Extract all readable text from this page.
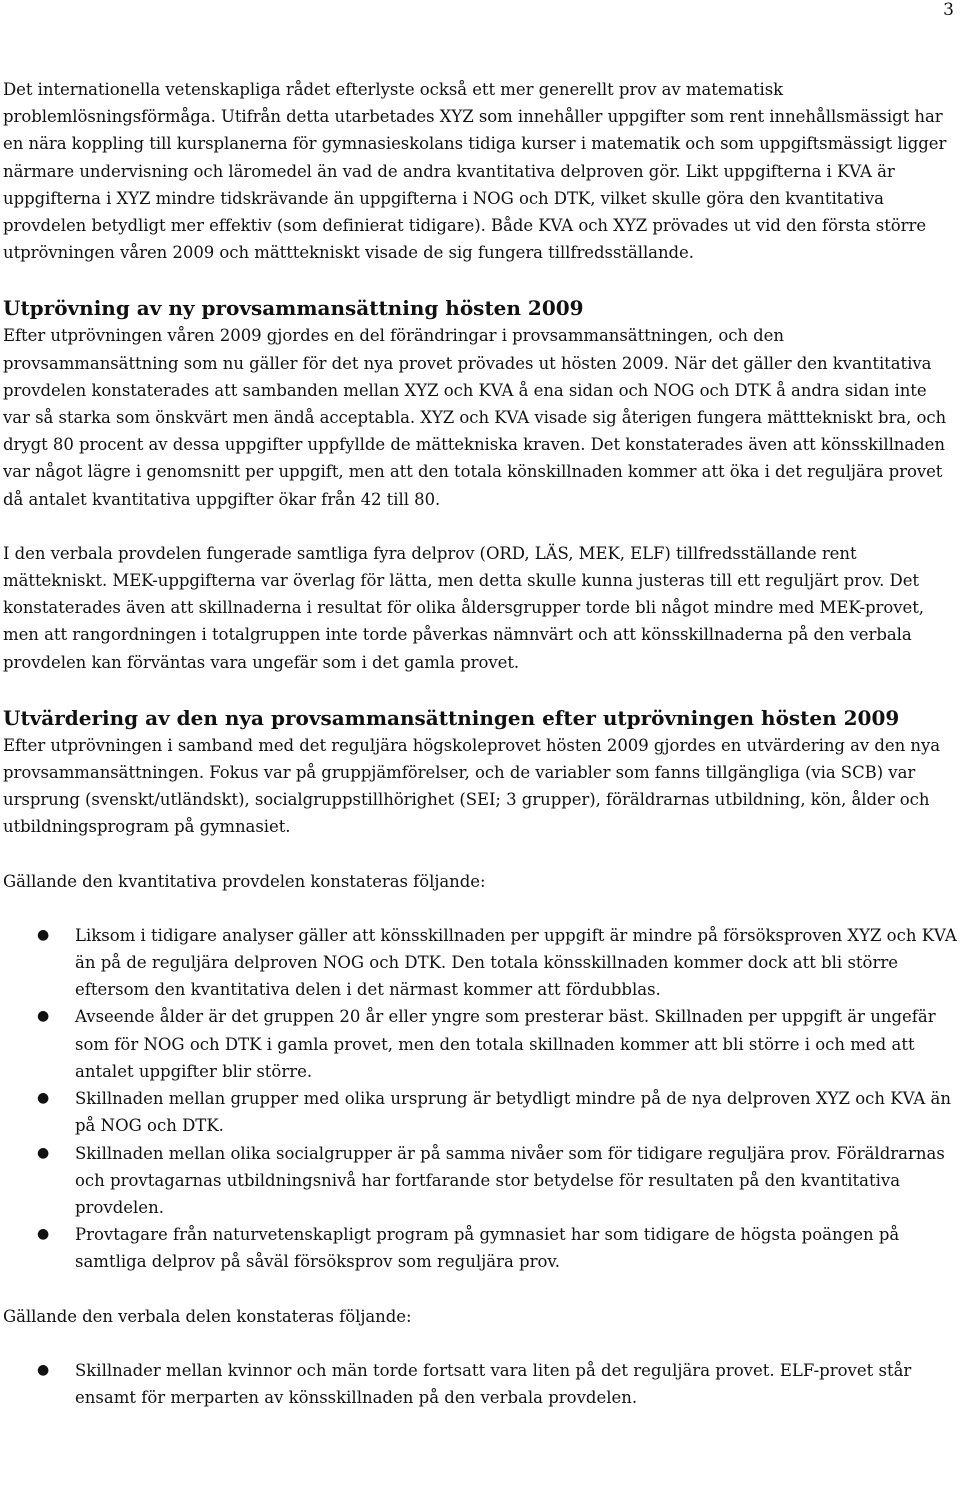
3

Det internationella vetenskapliga rådet efterlyste också ett mer generellt prov av matematisk problemlösningsförmåga. Utifrån detta utarbetades XYZ som innehåller uppgifter som rent innehållsmässigt har en nära koppling till kursplanerna för gymnasieskolans tidiga kurser i matematik och som uppgiftsmässigt ligger närmare undervisning och läromedel än vad de andra kvantitativa delproven gör. Likt uppgifterna i KVA är uppgifterna i XYZ mindre tidskrävande än uppgifterna i NOG och DTK, vilket skulle göra den kvantitativa provdelen betydligt mer effektiv (som definierat tidigare). Både KVA och XYZ prövades ut vid den första större utprövningen våren 2009 och mätttekniskt visade de sig fungera tillfredsställande.

Utprövning av ny provsammansättning hösten 2009

Efter utprövningen våren 2009 gjordes en del förändringar i provsammansättningen, och den provsammansättning som nu gäller för det nya provet prövades ut hösten 2009. När det gäller den kvantitativa provdelen konstaterades att sambanden mellan XYZ och KVA å ena sidan och NOG och DTK å andra sidan inte var så starka som önskvärt men ändå acceptabla. XYZ och KVA visade sig återigen fungera mätttekniskt bra, och drygt 80 procent av dessa uppgifter uppfyllde de mättekniska kraven. Det konstaterades även att könsskillnaden var något lägre i genomsnitt per uppgift, men att den totala könskillnaden kommer att öka i det reguljära provet då antalet kvantitativa uppgifter ökar från 42 till 80.

I den verbala provdelen fungerade samtliga fyra delprov (ORD, LÄS, MEK, ELF) tillfredsställande rent mättekniskt. MEK-uppgifterna var överlag för lätta, men detta skulle kunna justeras till ett reguljärt prov. Det konstaterades även att skillnaderna i resultat för olika åldersgrupper torde bli något mindre med MEK-provet, men att rangordningen i totalgruppen inte torde påverkas nämnvärt och att könsskillnaderna på den verbala provdelen kan förväntas vara ungefär som i det gamla provet.

Utvärdering av den nya provsammansättningen efter utprövningen hösten 2009

Efter utprövningen i samband med det reguljära högskoleprovet hösten 2009 gjordes en utvärdering av den nya provsammansättningen. Fokus var på gruppjämförelser, och de variabler som fanns tillgängliga (via SCB) var ursprung (svenskt/utländskt), socialgruppstillhörighet (SEI; 3 grupper), föräldrarnas utbildning, kön, ålder och utbildningsprogram på gymnasiet.

Gällande den kvantitativa provdelen konstateras följande:

● Liksom i tidigare analyser gäller att könsskillnaden per uppgift är mindre på försöksproven XYZ och KVA än på de reguljära delproven NOG och DTK. Den totala könsskillnaden kommer dock att bli större eftersom den kvantitativa delen i det närmast kommer att fördubblas.
● Avseende ålder är det gruppen 20 år eller yngre som presterar bäst. Skillnaden per uppgift är ungefär som för NOG och DTK i gamla provet, men den totala skillnaden kommer att bli större i och med att antalet uppgifter blir större.
● Skillnaden mellan grupper med olika ursprung är betydligt mindre på de nya delproven XYZ och KVA än på NOG och DTK.
● Skillnaden mellan olika socialgrupper är på samma nivåer som för tidigare reguljära prov. Föräldrarnas och provtagarnas utbildningsnivå har fortfarande stor betydelse för resultaten på den kvantitativa provdelen.
● Provtagare från naturvetenskapligt program på gymnasiet har som tidigare de högsta poängen på samtliga delprov på såväl försöksprov som reguljära prov.

Gällande den verbala delen konstateras följande:

● Skillnader mellan kvinnor och män torde fortsatt vara liten på det reguljära provet. ELF-provet står ensamt för merparten av könsskillnaden på den verbala provdelen.
